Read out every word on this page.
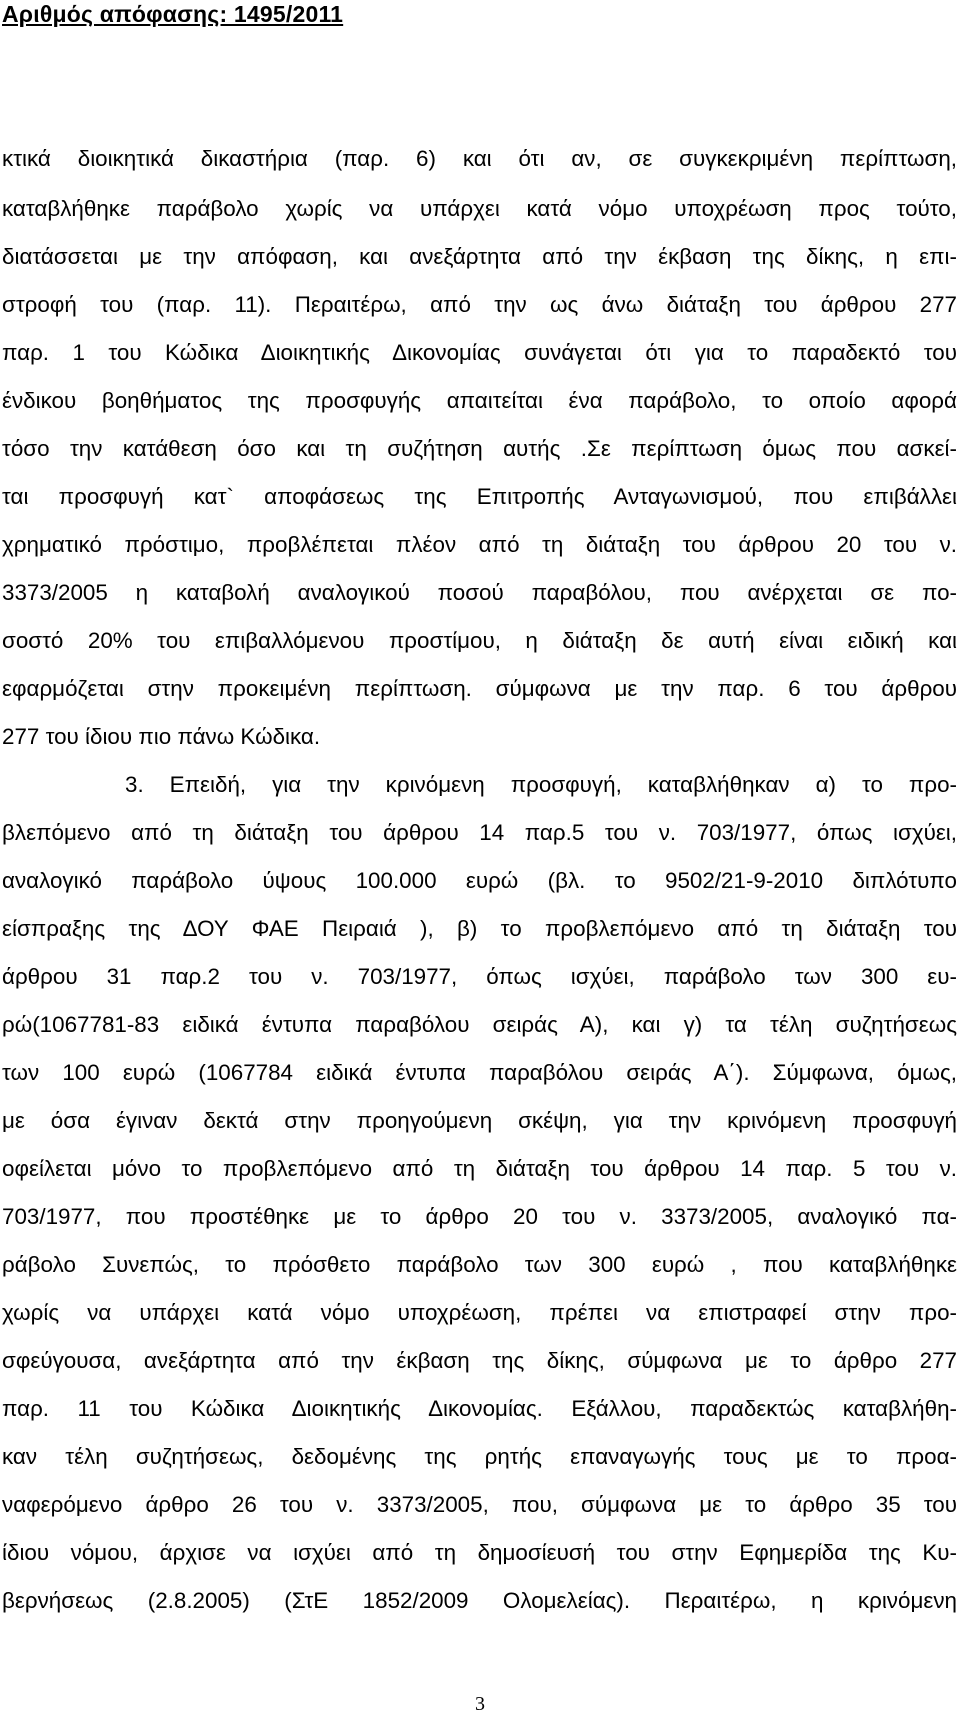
Αριθμός απόφασης: 1495/2011
κτικά διοικητικά δικαστήρια (παρ. 6) και ότι αν, σε συγκεκριμένη περίπτωση,
καταβλήθηκε παράβολο χωρίς να υπάρχει κατά νόμο υποχρέωση προς τούτο,
διατάσσεται με την απόφαση, και ανεξάρτητα από την έκβαση της δίκης, η επι-
στροφή του (παρ. 11). Περαιτέρω, από την ως άνω διάταξη του άρθρου 277
παρ. 1 του Κώδικα Διοικητικής Δικονομίας συνάγεται ότι για το παραδεκτό του
ένδικου βοηθήματος της προσφυγής απαιτείται ένα παράβολο, το οποίο αφορά
τόσο την κατάθεση όσο και τη συζήτηση αυτής .Σε περίπτωση όμως που ασκεί-
ται προσφυγή κατ` αποφάσεως της Επιτροπής Ανταγωνισμού, που επιβάλλει
χρηματικό πρόστιμο, προβλέπεται πλέον από τη διάταξη του άρθρου 20 του ν.
3373/2005 η καταβολή αναλογικού ποσού παραβόλου, που ανέρχεται σε πο-
σοστό 20% του επιβαλλόμενου προστίμου, η διάταξη δε αυτή είναι ειδική και
εφαρμόζεται στην προκειμένη περίπτωση. σύμφωνα με την παρ. 6 του άρθρου
277 του ίδιου πιο πάνω Κώδικα.
3. Επειδή, για την κρινόμενη προσφυγή, καταβλήθηκαν α) το προ-
βλεπόμενο από τη διάταξη του άρθρου 14 παρ.5 του ν. 703/1977, όπως ισχύει,
αναλογικό παράβολο ύψους 100.000 ευρώ (βλ. το 9502/21-9-2010 διπλότυπο
είσπραξης της ΔΟΥ ΦΑΕ Πειραιά ), β) το προβλεπόμενο από τη διάταξη του
άρθρου 31 παρ.2 του ν. 703/1977, όπως ισχύει, παράβολο των 300 ευ-
ρώ(1067781-83 ειδικά έντυπα παραβόλου σειράς Α), και γ) τα τέλη συζητήσεως
των 100 ευρώ (1067784 ειδικά έντυπα παραβόλου σειράς Α΄). Σύμφωνα, όμως,
με όσα έγιναν δεκτά στην προηγούμενη σκέψη, για την κρινόμενη προσφυγή
οφείλεται μόνο το προβλεπόμενο από τη διάταξη του άρθρου 14 παρ. 5 του ν.
703/1977, που προστέθηκε με το άρθρο 20 του ν. 3373/2005, αναλογικό πα-
ράβολο Συνεπώς, το πρόσθετο παράβολο των 300 ευρώ , που καταβλήθηκε
χωρίς να υπάρχει κατά νόμο υποχρέωση, πρέπει να επιστραφεί στην προ-
σφεύγουσα, ανεξάρτητα από την έκβαση της δίκης, σύμφωνα με το άρθρο 277
παρ. 11 του Κώδικα Διοικητικής Δικονομίας. Εξάλλου, παραδεκτώς καταβλήθη-
καν τέλη συζητήσεως, δεδομένης της ρητής επαναγωγής τους με το προα-
ναφερόμενο άρθρο 26 του ν. 3373/2005, που, σύμφωνα με το άρθρο 35 του
ίδιου νόμου, άρχισε να ισχύει από τη δημοσίευσή του στην Εφημερίδα της Κυ-
βερνήσεως (2.8.2005) (ΣτΕ 1852/2009 Ολομελείας). Περαιτέρω, η κρινόμενη
3
